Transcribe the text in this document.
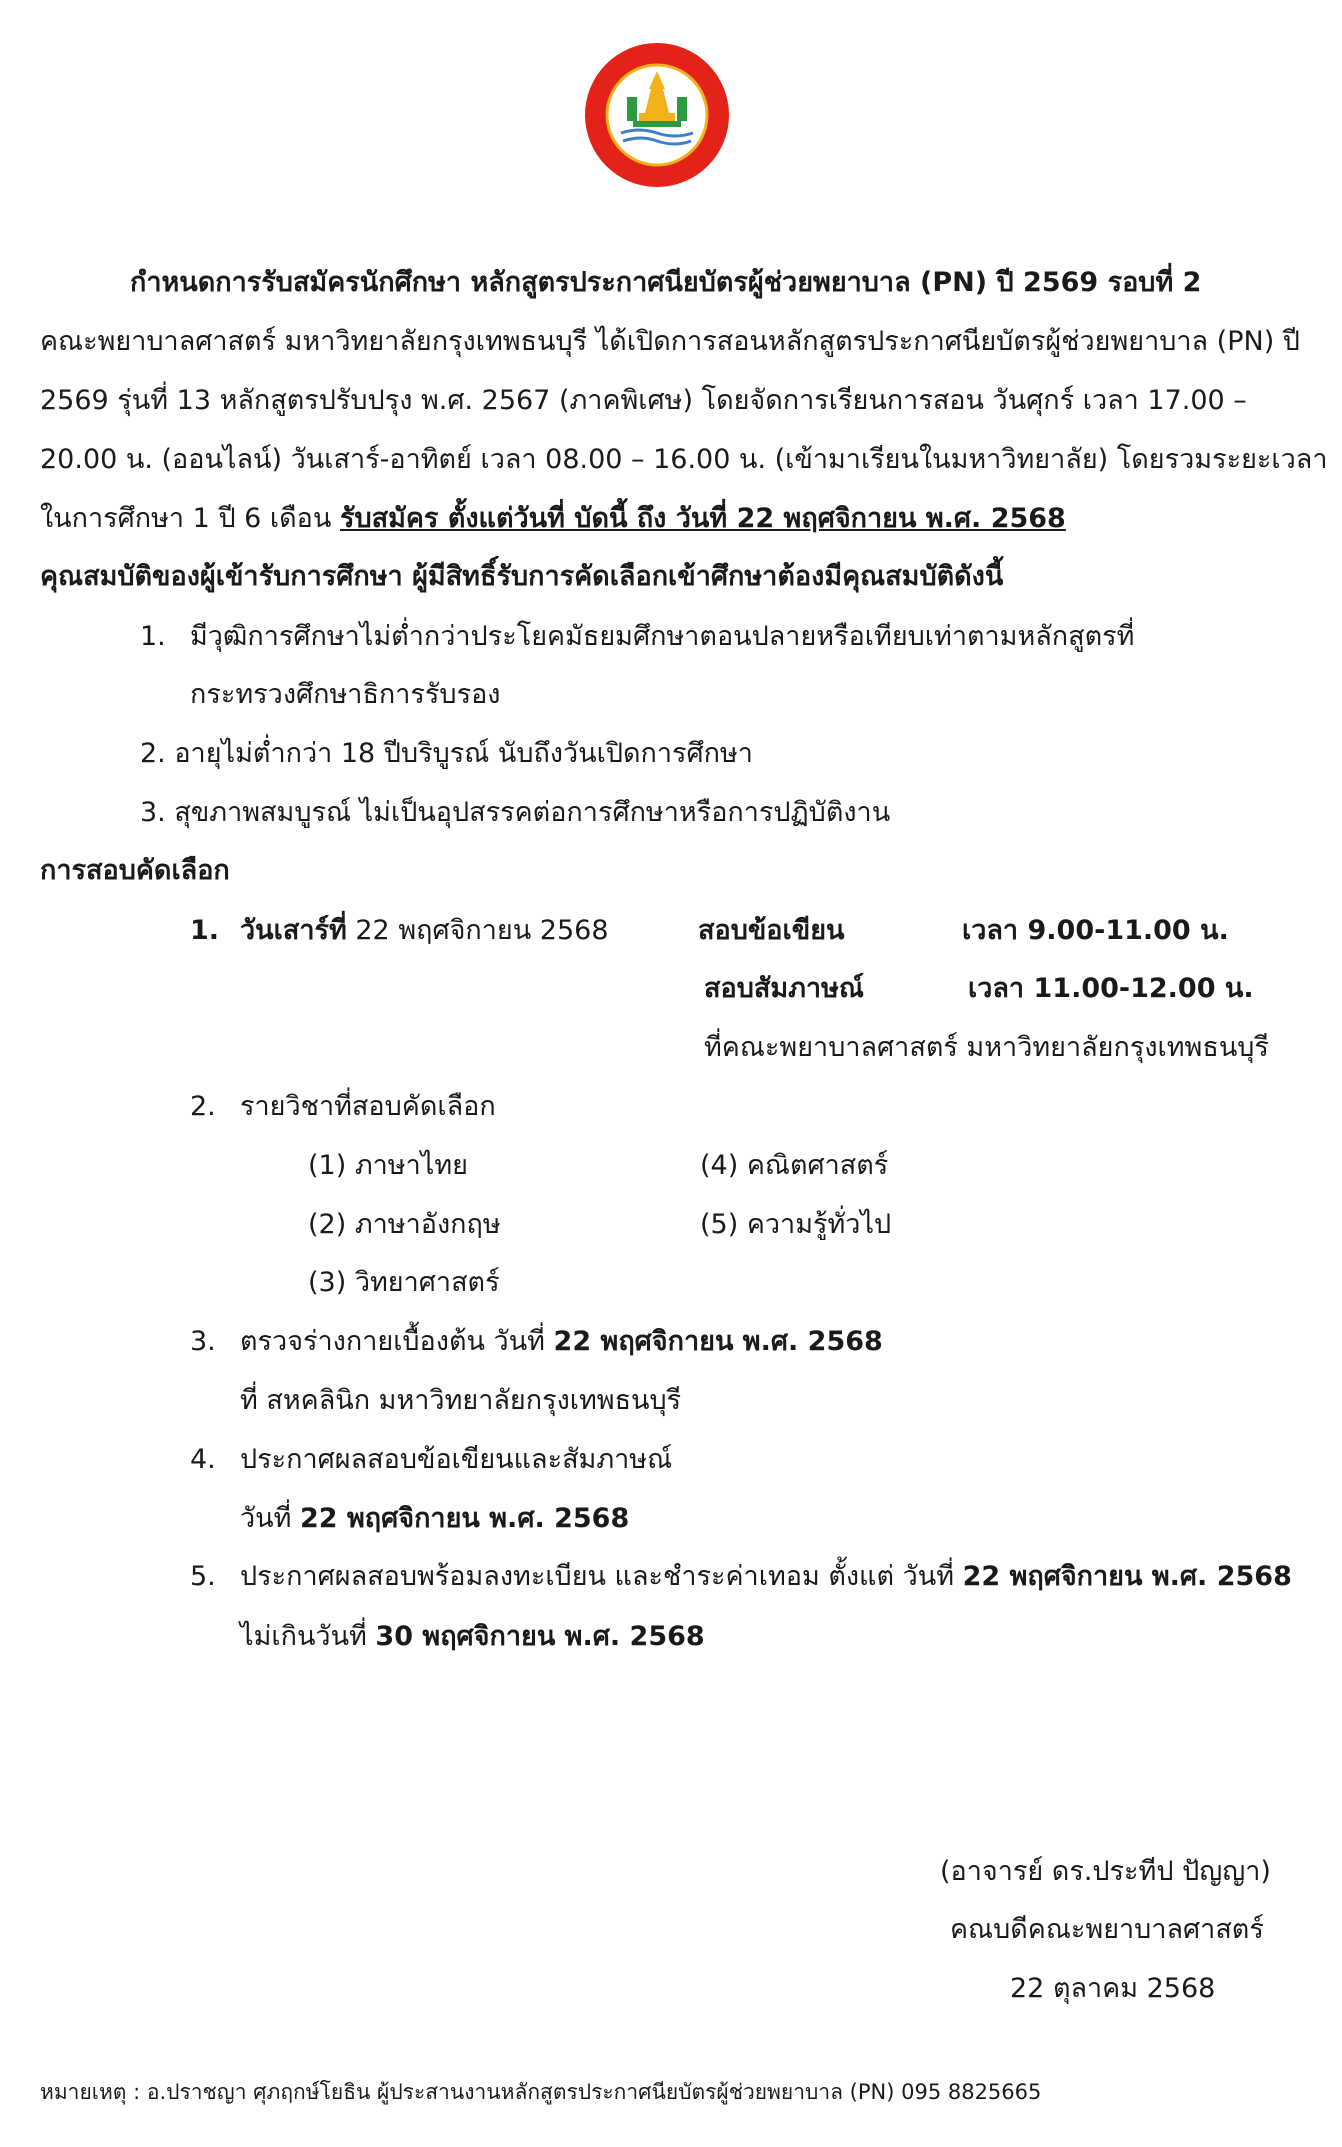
กำหนดการรับสมัครนักศึกษา หลักสูตรประกาศนียบัตรผู้ช่วยพยาบาล (PN) ปี 2569 รอบที่ 2
คณะพยาบาลศาสตร์ มหาวิทยาลัยกรุงเทพธนบุรี ได้เปิดการสอนหลักสูตรประกาศนียบัตรผู้ช่วยพยาบาล (PN) ปี
2569 รุ่นที่ 13 หลักสูตรปรับปรุง พ.ศ. 2567 (ภาคพิเศษ) โดยจัดการเรียนการสอน วันศุกร์ เวลา 17.00 –
20.00 น. (ออนไลน์) วันเสาร์-อาทิตย์ เวลา 08.00 – 16.00 น. (เข้ามาเรียนในมหาวิทยาลัย) โดยรวมระยะเวลา
ในการศึกษา 1 ปี 6 เดือน รับสมัคร ตั้งแต่วันที่ บัดนี้ ถึง วันที่ 22 พฤศจิกายน พ.ศ. 2568
คุณสมบัติของผู้เข้ารับการศึกษา ผู้มีสิทธิ์รับการคัดเลือกเข้าศึกษาต้องมีคุณสมบัติดังนี้
1. มีวุฒิการศึกษาไม่ต่ำกว่าประโยคมัธยมศึกษาตอนปลายหรือเทียบเท่าตามหลักสูตรที่
กระทรวงศึกษาธิการรับรอง
2. อายุไม่ต่ำกว่า 18 ปีบริบูรณ์ นับถึงวันเปิดการศึกษา
3. สุขภาพสมบูรณ์ ไม่เป็นอุปสรรคต่อการศึกษาหรือการปฏิบัติงาน
การสอบคัดเลือก
1. วันเสาร์ที่ 22 พฤศจิกายน 2568	สอบข้อเขียน	เวลา 9.00-11.00 น.
สอบสัมภาษณ์	เวลา 11.00-12.00 น.
ที่คณะพยาบาลศาสตร์ มหาวิทยาลัยกรุงเทพธนบุรี
2. รายวิชาที่สอบคัดเลือก
(1) ภาษาไทย
(2) ภาษาอังกฤษ
(3) วิทยาศาสตร์
(4) คณิตศาสตร์
(5) ความรู้ทั่วไป
3. ตรวจร่างกายเบื้องต้น วันที่ 22 พฤศจิกายน พ.ศ. 2568
ที่ สหคลินิก มหาวิทยาลัยกรุงเทพธนบุรี
4. ประกาศผลสอบข้อเขียนและสัมภาษณ์
วันที่ 22 พฤศจิกายน พ.ศ. 2568
5. ประกาศผลสอบพร้อมลงทะเบียน และชำระค่าเทอม ตั้งแต่ วันที่ 22 พฤศจิกายน พ.ศ. 2568
ไม่เกินวันที่ 30 พฤศจิกายน พ.ศ. 2568
(อาจารย์ ดร.ประทีป ปัญญา)
คณบดีคณะพยาบาลศาสตร์
22 ตุลาคม 2568
หมายเหตุ : อ.ปราชญา ศุภฤกษ์โยธิน ผู้ประสานงานหลักสูตรประกาศนียบัตรผู้ช่วยพยาบาล (PN) 095 8825665
